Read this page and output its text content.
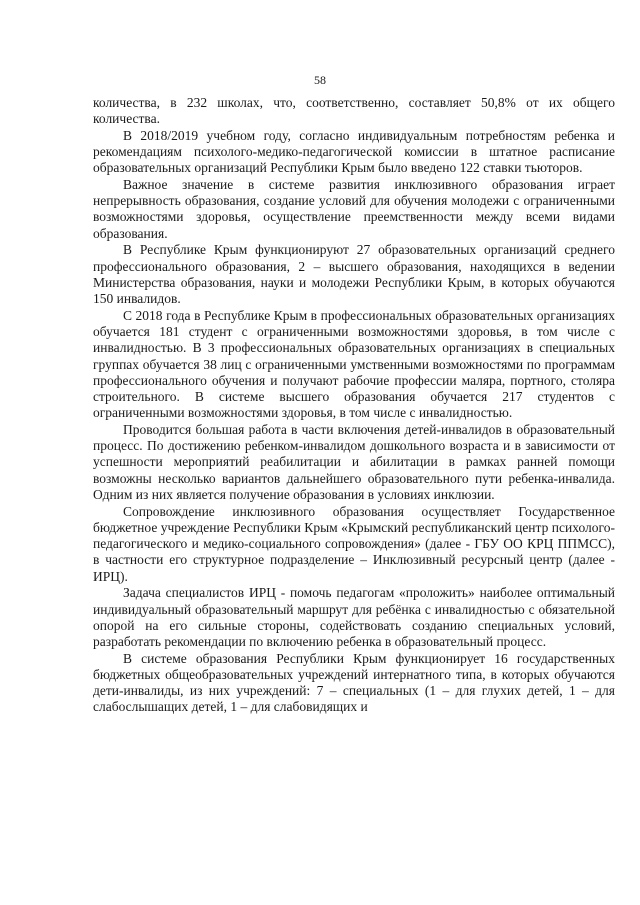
58

количества, в 232 школах, что, соответственно, составляет 50,8% от их общего количества.

В 2018/2019 учебном году, согласно индивидуальным потребностям ребенка и рекомендациям психолого-медико-педагогической комиссии в штатное расписание образовательных организаций Республики Крым было введено 122 ставки тьюторов.

Важное значение в системе развития инклюзивного образования играет непрерывность образования, создание условий для обучения молодежи с ограниченными возможностями здоровья, осуществление преемственности между всеми видами образования.

В Республике Крым функционируют 27 образовательных организаций среднего профессионального образования, 2 – высшего образования, находящихся в ведении Министерства образования, науки и молодежи Республики Крым, в которых обучаются 150 инвалидов.

С 2018 года в Республике Крым в профессиональных образовательных организациях обучается 181 студент с ограниченными возможностями здоровья, в том числе с инвалидностью. В 3 профессиональных образовательных организациях в специальных группах обучается 38 лиц с ограниченными умственными возможностями по программам профессионального обучения и получают рабочие профессии маляра, портного, столяра строительного. В системе высшего образования обучается 217 студентов с ограниченными возможностями здоровья, в том числе с инвалидностью.

Проводится большая работа в части включения детей-инвалидов в образовательный процесс. По достижению ребенком-инвалидом дошкольного возраста и в зависимости от успешности мероприятий реабилитации и абилитации в рамках ранней помощи возможны несколько вариантов дальнейшего образовательного пути ребенка-инвалида. Одним из них является получение образования в условиях инклюзии.

Сопровождение инклюзивного образования осуществляет Государственное бюджетное учреждение Республики Крым «Крымский республиканский центр психолого-педагогического и медико-социального сопровождения» (далее - ГБУ ОО КРЦ ППМСС), в частности его структурное подразделение – Инклюзивный ресурсный центр (далее - ИРЦ).

Задача специалистов ИРЦ - помочь педагогам «проложить» наиболее оптимальный индивидуальный образовательный маршрут для ребёнка с инвалидностью с обязательной опорой на его сильные стороны, содействовать созданию специальных условий, разработать рекомендации по включению ребенка в образовательный процесс.

В системе образования Республики Крым функционирует 16 государственных бюджетных общеобразовательных учреждений интернатного типа, в которых обучаются дети-инвалиды, из них учреждений: 7 – специальных (1 – для глухих детей, 1 – для слабослышащих детей, 1 – для слабовидящих и
